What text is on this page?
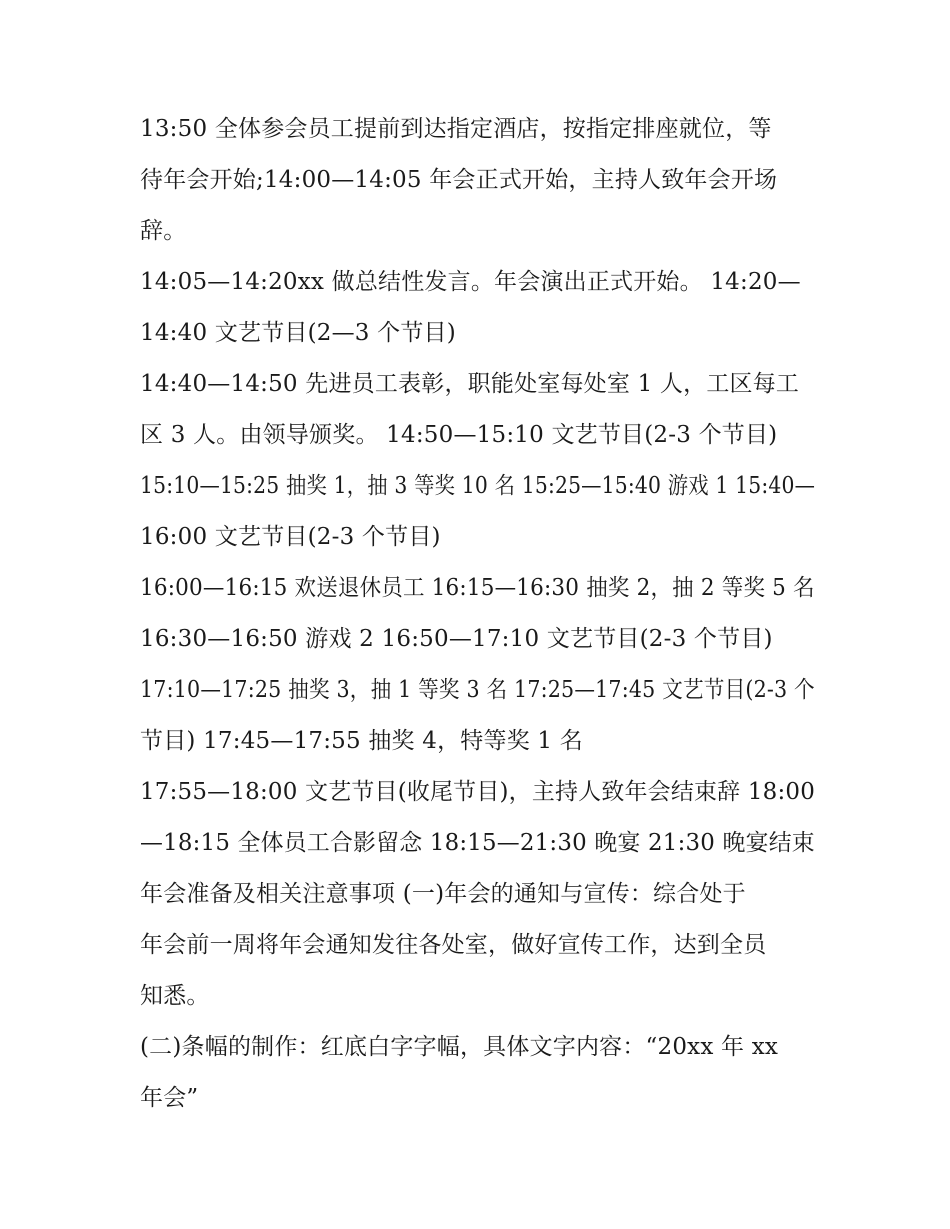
13:50 全体参会员工提前到达指定酒店，按指定排座就位，等
待年会开始;14:00—14:05 年会正式开始，主持人致年会开场
辞。
14:05—14:20xx 做总结性发言。年会演出正式开始。 14:20—
14:40 文艺节目(2—3 个节目)
14:40—14:50 先进员工表彰，职能处室每处室 1 人，工区每工
区 3 人。由领导颁奖。 14:50—15:10 文艺节目(2-3 个节目)
15:10—15:25 抽奖 1，抽 3 等奖 10 名 15:25—15:40 游戏 1 15:40—
16:00 文艺节目(2-3 个节目)
16:00—16:15 欢送退休员工 16:15—16:30 抽奖 2，抽 2 等奖 5 名
16:30—16:50 游戏 2 16:50—17:10 文艺节目(2-3 个节目)
17:10—17:25 抽奖 3，抽 1 等奖 3 名 17:25—17:45 文艺节目(2-3 个
节目) 17:45—17:55 抽奖 4，特等奖 1 名
17:55—18:00 文艺节目(收尾节目)，主持人致年会结束辞 18:00
—18:15 全体员工合影留念 18:15—21:30 晚宴 21:30 晚宴结束
年会准备及相关注意事项 (一)年会的通知与宣传：综合处于
年会前一周将年会通知发往各处室，做好宣传工作，达到全员
知悉。
(二)条幅的制作：红底白字字幅，具体文字内容：“20xx 年 xx
年会”
